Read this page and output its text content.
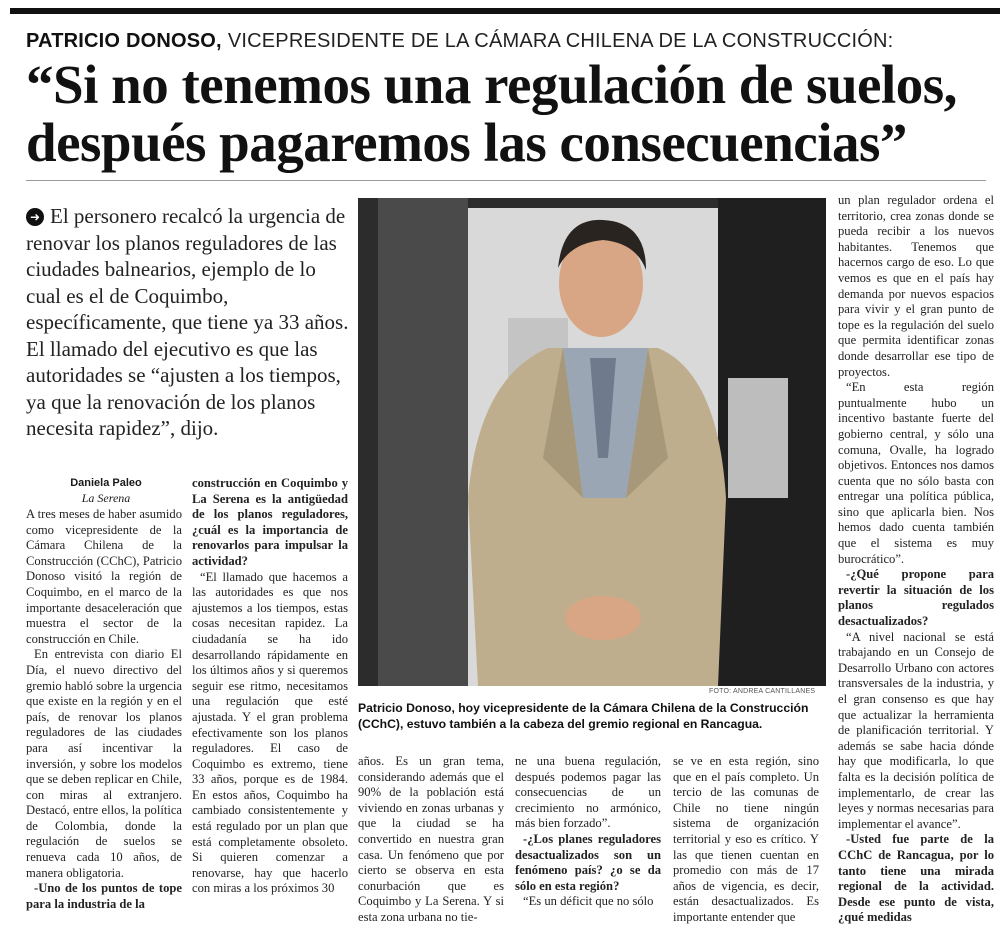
PATRICIO DONOSO, VICEPRESIDENTE DE LA CÁMARA CHILENA DE LA CONSTRUCCIÓN:
“Si no tenemos una regulación de suelos,
después pagaremos las consecuencias”
➜ El personero recalcó la urgencia de renovar los planos reguladores de las ciudades balnearios, ejemplo de lo cual es el de Coquimbo, específicamente, que tiene ya 33 años. El llamado del ejecutivo es que las autoridades se “ajusten a los tiempos, ya que la renovación de los planos necesita rapidez”, dijo.
Daniela Paleo
La Serena

A tres meses de haber asumido como vicepresidente de la Cámara Chilena de la Construcción (CChC), Patricio Donoso visitó la región de Coquimbo, en el marco de la importante desaceleración que muestra el sector de la construcción en Chile.

En entrevista con diario El Día, el nuevo directivo del gremio habló sobre la urgencia que existe en la región y en el país, de renovar los planos reguladores de las ciudades para así incentivar la inversión, y sobre los modelos que se deben replicar en Chile, con miras al extranjero. Destacó, entre ellos, la política de Colombia, donde la regulación de suelos se renueva cada 10 años, de manera obligatoria.

-Uno de los puntos de tope para la industria de la

construcción en Coquimbo y La Serena es la antigüedad de los planos reguladores, ¿cuál es la importancia de renovarlos para impulsar la actividad?

“El llamado que hacemos a las autoridades es que nos ajustemos a los tiempos, estas cosas necesitan rapidez. La ciudadanía se ha ido desarrollando rápidamente en los últimos años y si queremos seguir ese ritmo, necesitamos una regulación que esté ajustada. Y el gran problema efectivamente son los planos reguladores. El caso de Coquimbo es extremo, tiene 33 años, porque es de 1984. En estos años, Coquimbo ha cambiado consistentemente y está regulado por un plan que está completamente obsoleto. Si quieren comenzar a renovarse, hay que hacerlo con miras a los próximos 30

FOTO: ANDREA CANTILLANES
Patricio Donoso, hoy vicepresidente de la Cámara Chilena de la Construcción (CChC), estuvo también a la cabeza del gremio regional en Rancagua.

años. Es un gran tema, considerando además que el 90% de la población está viviendo en zonas urbanas y que la ciudad se ha convertido en nuestra gran casa. Un fenómeno que por cierto se observa en esta conurbación que es Coquimbo y La Serena. Y si esta zona urbana no tie-

ne una buena regulación, después podemos pagar las consecuencias de un crecimiento no armónico, más bien forzado”.

-¿Los planes reguladores desactualizados son un fenómeno país? ¿o se da sólo en esta región?

“Es un déficit que no sólo

se ve en esta región, sino que en el país completo. Un tercio de las comunas de Chile no tiene ningún sistema de organización territorial y eso es crítico. Y las que tienen cuentan en promedio con más de 17 años de vigencia, es decir, están desactualizados. Es importante entender que

un plan regulador ordena el territorio, crea zonas donde se pueda recibir a los nuevos habitantes. Tenemos que hacernos cargo de eso. Lo que vemos es que en el país hay demanda por nuevos espacios para vivir y el gran punto de tope es la regulación del suelo que permita identificar zonas donde desarrollar ese tipo de proyectos.

“En esta región puntualmente hubo un incentivo bastante fuerte del gobierno central, y sólo una comuna, Ovalle, ha logrado objetivos. Entonces nos damos cuenta que no sólo basta con entregar una política pública, sino que aplicarla bien. Nos hemos dado cuenta también que el sistema es muy burocrático”.

-¿Qué propone para revertir la situación de los planos regulados desactualizados?

“A nivel nacional se está trabajando en un Consejo de Desarrollo Urbano con actores transversales de la industria, y el gran consenso es que hay que actualizar la herramienta de planificación territorial. Y además se sabe hacia dónde hay que modificarla, lo que falta es la decisión política de implementarlo, de crear las leyes y normas necesarias para implementar el avance”.

-Usted fue parte de la CChC de Rancagua, por lo tanto tiene una mirada regional de la actividad. Desde ese punto de vista, ¿qué medidas
